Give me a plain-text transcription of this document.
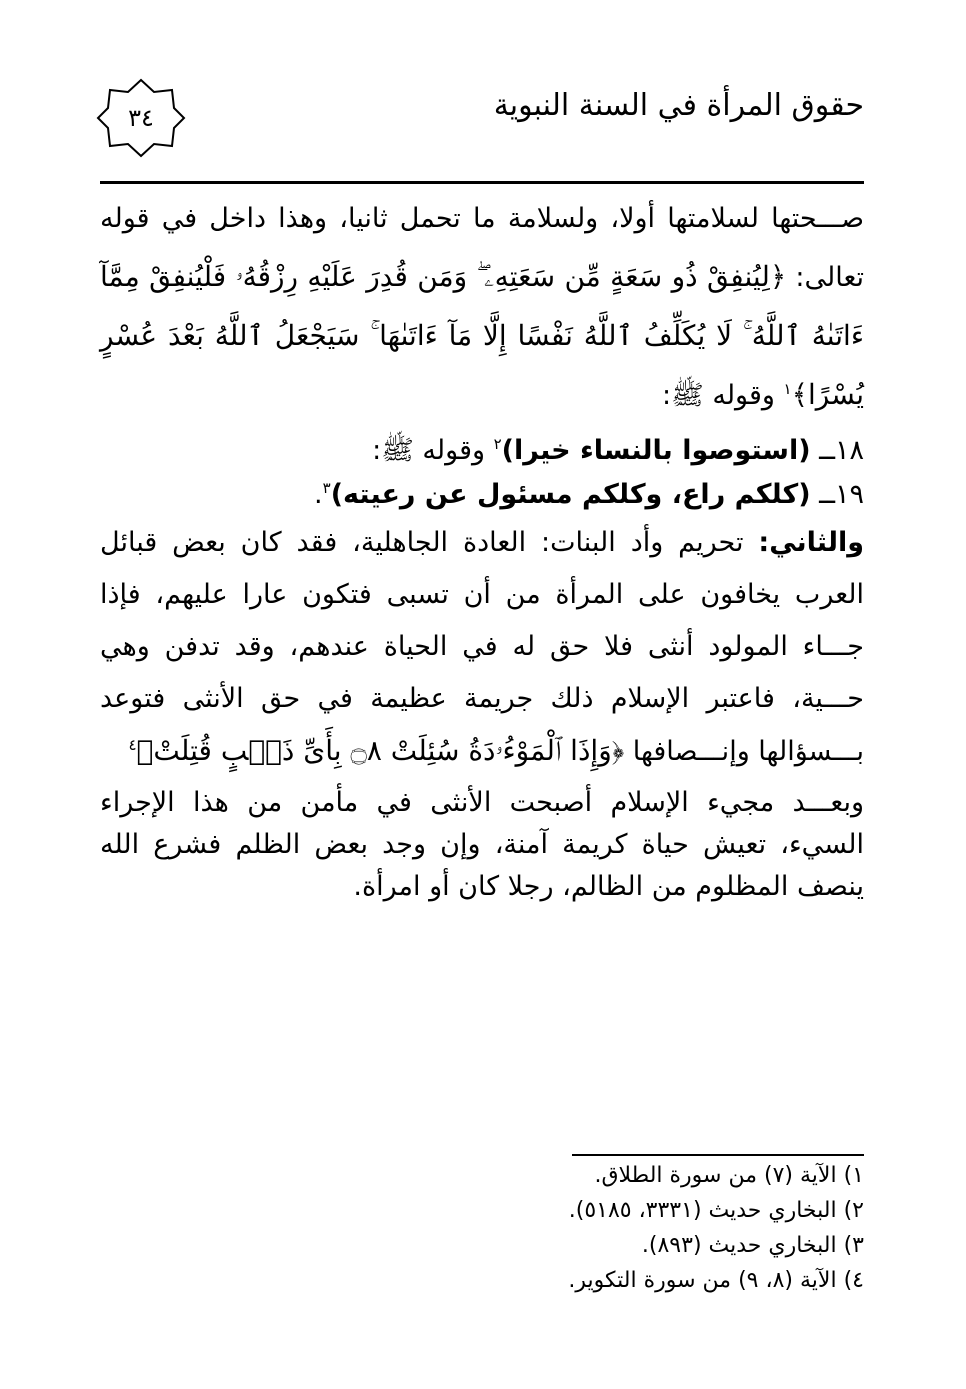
حقوق المرأة في السنة النبوية
٣٤

صـــحتها لسلامتها أولا، ولسلامة ما تحمل ثانيا، وهذا داخل في قوله تعالى: ﴿لِيُنفِقْ ذُو سَعَةٍ مِّن سَعَتِهِۦ ۖ وَمَن قُدِرَ عَلَيْهِ رِزْقُهُۥ فَلْيُنفِقْ مِمَّآ ءَاتَىٰهُ ٱللَّهُ ۚ لَا يُكَلِّفُ ٱللَّهُ نَفْسًا إِلَّا مَآ ءَاتَىٰهَا ۚ سَيَجْعَلُ ٱللَّهُ بَعْدَ عُسْرٍ يُسْرًا﴾$^١$ وقوله ﷺ:

١٨ــ (استوصوا بالنساء خيرا)$^٢$ وقوله ﷺ:

١٩ــ (كلكم راع، وكلكم مسئول عن رعيته)$^٣$.

والثاني: تحريم وأد البنات: العادة الجاهلية، فقد كان بعض قبائل العرب يخافون على المرأة من أن تسبى فتكون عارا عليهم، فإذا جـــاء المولود أنثى فلا حق له في الحياة عندهم، وقد تدفن وهي حـــية، فاعتبر الإسلام ذلك جريمة عظيمة في حق الأنثى فتوعد بـــسؤالها وإنـــصافها ﴿وَإِذَا ٱلْمَوْءُۥدَةُ سُئِلَتْ ۝٨ بِأَىِّ ذَنۢبٍ قُتِلَتْ﴾$^٤$

وبعـــد مجيء الإسلام أصبحت الأنثى في مأمن من هذا الإجراء السيء، تعيش حياة كريمة آمنة، وإن وجد بعض الظلم فشرع الله ينصف المظلوم من الظالم، رجلا كان أو امرأة.

١) الآية (٧) من سورة الطلاق.
٢) البخاري حديث (٣٣٣١، ٥١٨٥).
٣) البخاري حديث (٨٩٣).
٤) الآية (٨، ٩) من سورة التكوير.
